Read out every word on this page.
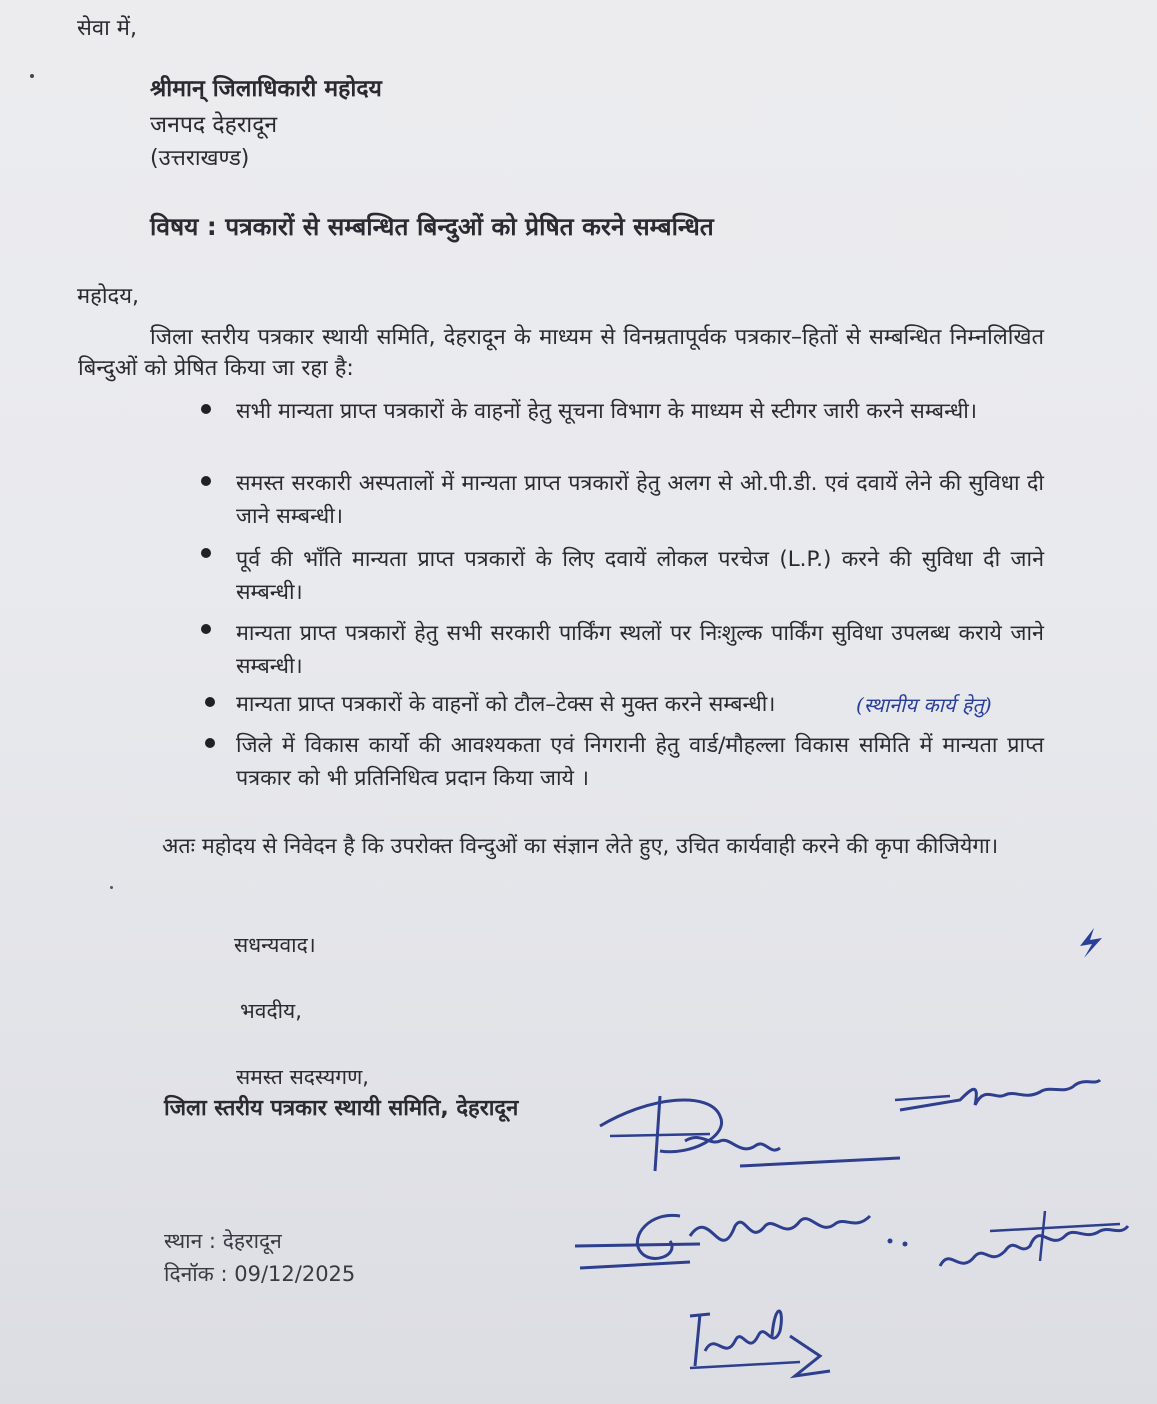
सेवा में,
श्रीमान् जिलाधिकारी महोदय
जनपद देहरादून
(उत्तराखण्ड)
विषय : पत्रकारों से सम्बन्धित बिन्दुओं को प्रेषित करने सम्बन्धित
महोदय,
जिला स्तरीय पत्रकार स्थायी समिति, देहरादून के माध्यम से विनम्रतापूर्वक पत्रकार–हितों से सम्बन्धित निम्नलिखित बिन्दुओं को प्रेषित किया जा रहा है:
सभी मान्यता प्राप्त पत्रकारों के वाहनों हेतु सूचना विभाग के माध्यम से स्टीगर जारी करने सम्बन्धी।
समस्त सरकारी अस्पतालों में मान्यता प्राप्त पत्रकारों हेतु अलग से ओ.पी.डी. एवं दवायें लेने की सुविधा दी जाने सम्बन्धी।
पूर्व की भाँति मान्यता प्राप्त पत्रकारों के लिए दवायें लोकल परचेज (L.P.) करने की सुविधा दी जाने सम्बन्धी।
मान्यता प्राप्त पत्रकारों हेतु सभी सरकारी पार्किंग स्थलों पर निःशुल्क पार्किंग सुविधा उपलब्ध कराये जाने सम्बन्धी।
मान्यता प्राप्त पत्रकारों के वाहनों को टौल–टेक्स से मुक्त करने सम्बन्धी।	(स्थानीय कार्य हेतु)
जिले में विकास कार्यो की आवश्यकता एवं निगरानी हेतु वार्ड/मौहल्ला विकास समिति में मान्यता प्राप्त पत्रकार को भी प्रतिनिधित्व प्रदान किया जाये ।
अतः महोदय से निवेदन है कि उपरोक्त विन्दुओं का संज्ञान लेते हुए, उचित कार्यवाही करने की कृपा कीजियेगा।
सधन्यवाद।
भवदीय,
समस्त सदस्यगण,
जिला स्तरीय पत्रकार स्थायी समिति, देहरादून
स्थान : देहरादून
दिनॉक : 09/12/2025
